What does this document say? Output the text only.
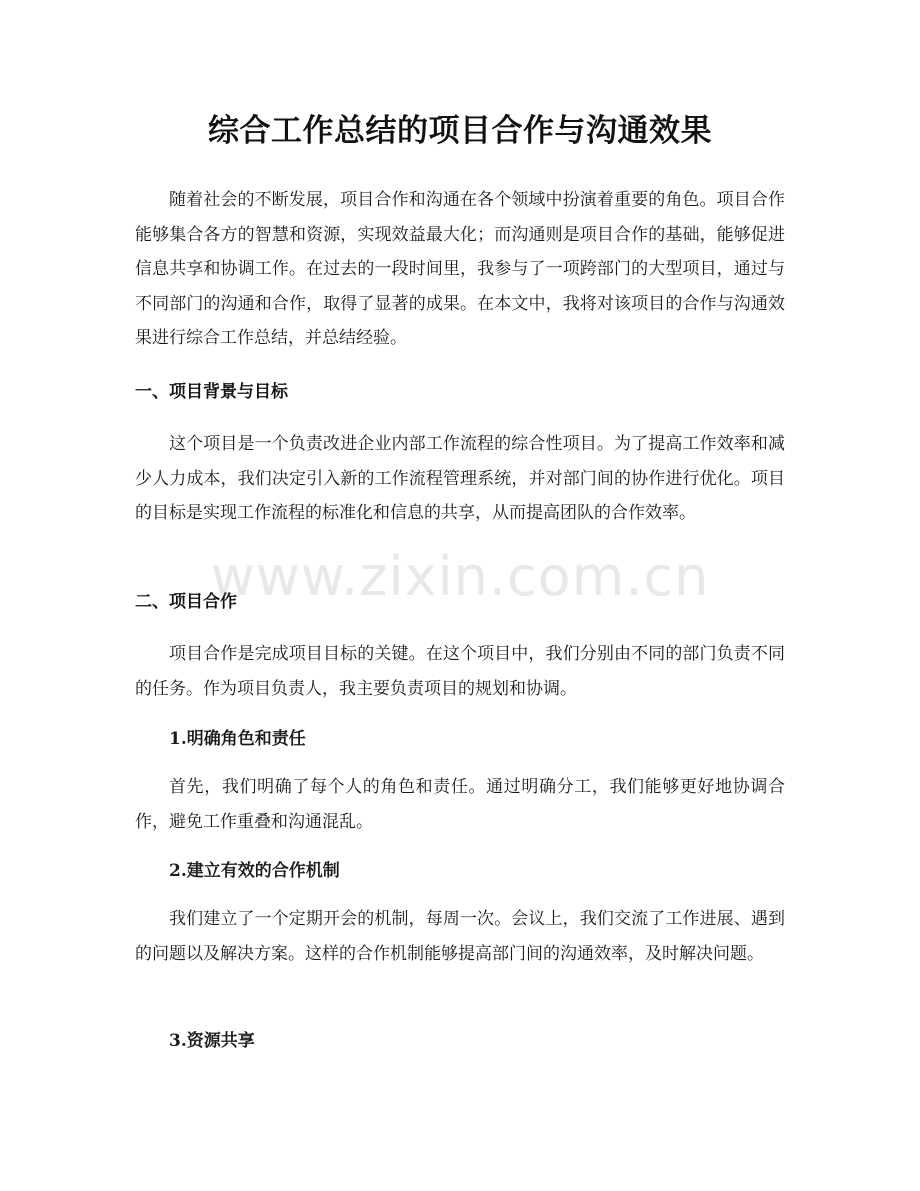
综合工作总结的项目合作与沟通效果

随着社会的不断发展，项目合作和沟通在各个领域中扮演着重要的角色。项目合作能够集合各方的智慧和资源，实现效益最大化；而沟通则是项目合作的基础，能够促进信息共享和协调工作。在过去的一段时间里，我参与了一项跨部门的大型项目，通过与不同部门的沟通和合作，取得了显著的成果。在本文中，我将对该项目的合作与沟通效果进行综合工作总结，并总结经验。

一、项目背景与目标

这个项目是一个负责改进企业内部工作流程的综合性项目。为了提高工作效率和减少人力成本，我们决定引入新的工作流程管理系统，并对部门间的协作进行优化。项目的目标是实现工作流程的标准化和信息的共享，从而提高团队的合作效率。

二、项目合作

项目合作是完成项目目标的关键。在这个项目中，我们分别由不同的部门负责不同的任务。作为项目负责人，我主要负责项目的规划和协调。

1.明确角色和责任

首先，我们明确了每个人的角色和责任。通过明确分工，我们能够更好地协调合作，避免工作重叠和沟通混乱。

2.建立有效的合作机制

我们建立了一个定期开会的机制，每周一次。会议上，我们交流了工作进展、遇到的问题以及解决方案。这样的合作机制能够提高部门间的沟通效率，及时解决问题。

3.资源共享
www.zixin.com.cn
